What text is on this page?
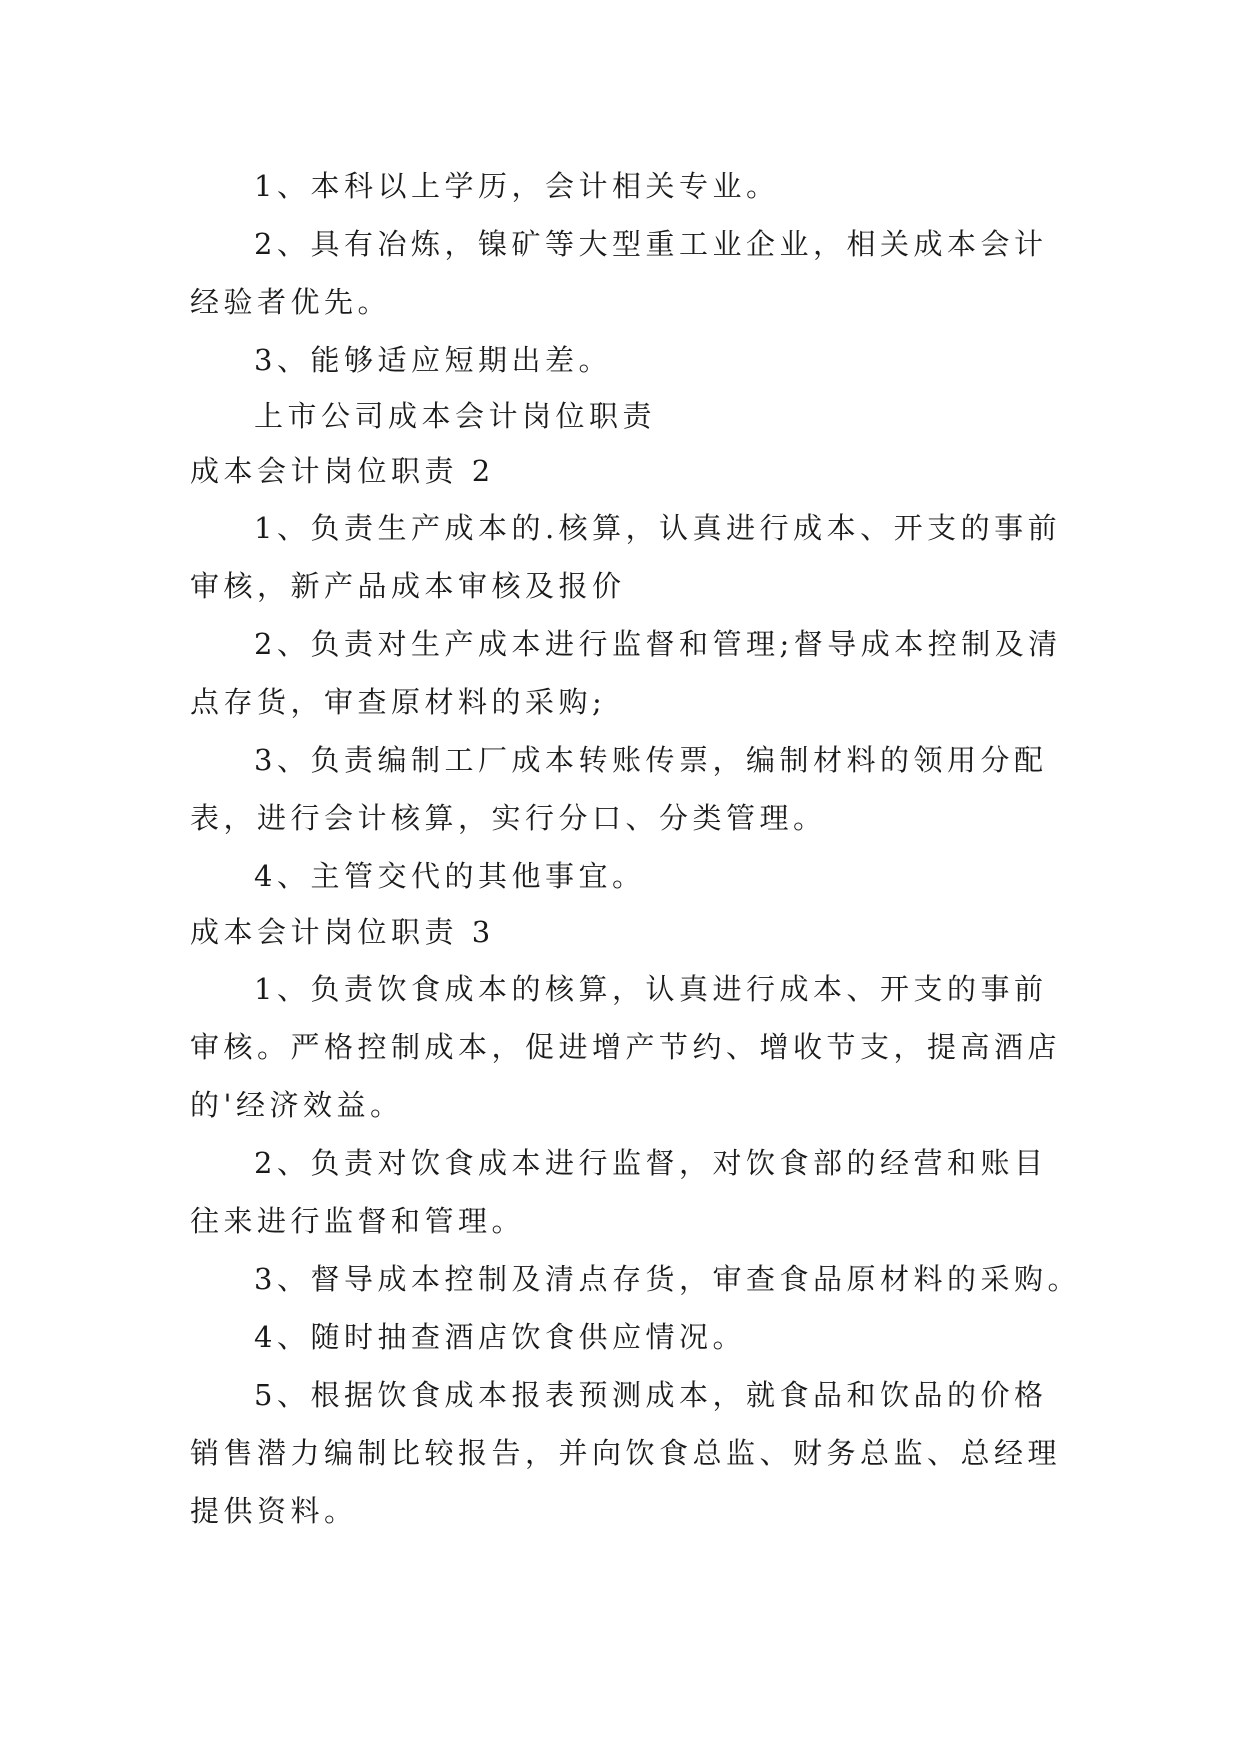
1、本科以上学历，会计相关专业。
2、具有冶炼，镍矿等大型重工业企业，相关成本会计
经验者优先。
3、能够适应短期出差。
上市公司成本会计岗位职责
成本会计岗位职责 2
1、负责生产成本的.核算，认真进行成本、开支的事前
审核，新产品成本审核及报价
2、负责对生产成本进行监督和管理;督导成本控制及清
点存货，审查原材料的采购;
3、负责编制工厂成本转账传票，编制材料的领用分配
表，进行会计核算，实行分口、分类管理。
4、主管交代的其他事宜。
成本会计岗位职责 3
1、负责饮食成本的核算，认真进行成本、开支的事前
审核。严格控制成本，促进增产节约、增收节支，提高酒店
的'经济效益。
2、负责对饮食成本进行监督，对饮食部的经营和账目
往来进行监督和管理。
3、督导成本控制及清点存货，审查食品原材料的采购。
4、随时抽查酒店饮食供应情况。
5、根据饮食成本报表预测成本，就食品和饮品的价格
销售潜力编制比较报告，并向饮食总监、财务总监、总经理
提供资料。
